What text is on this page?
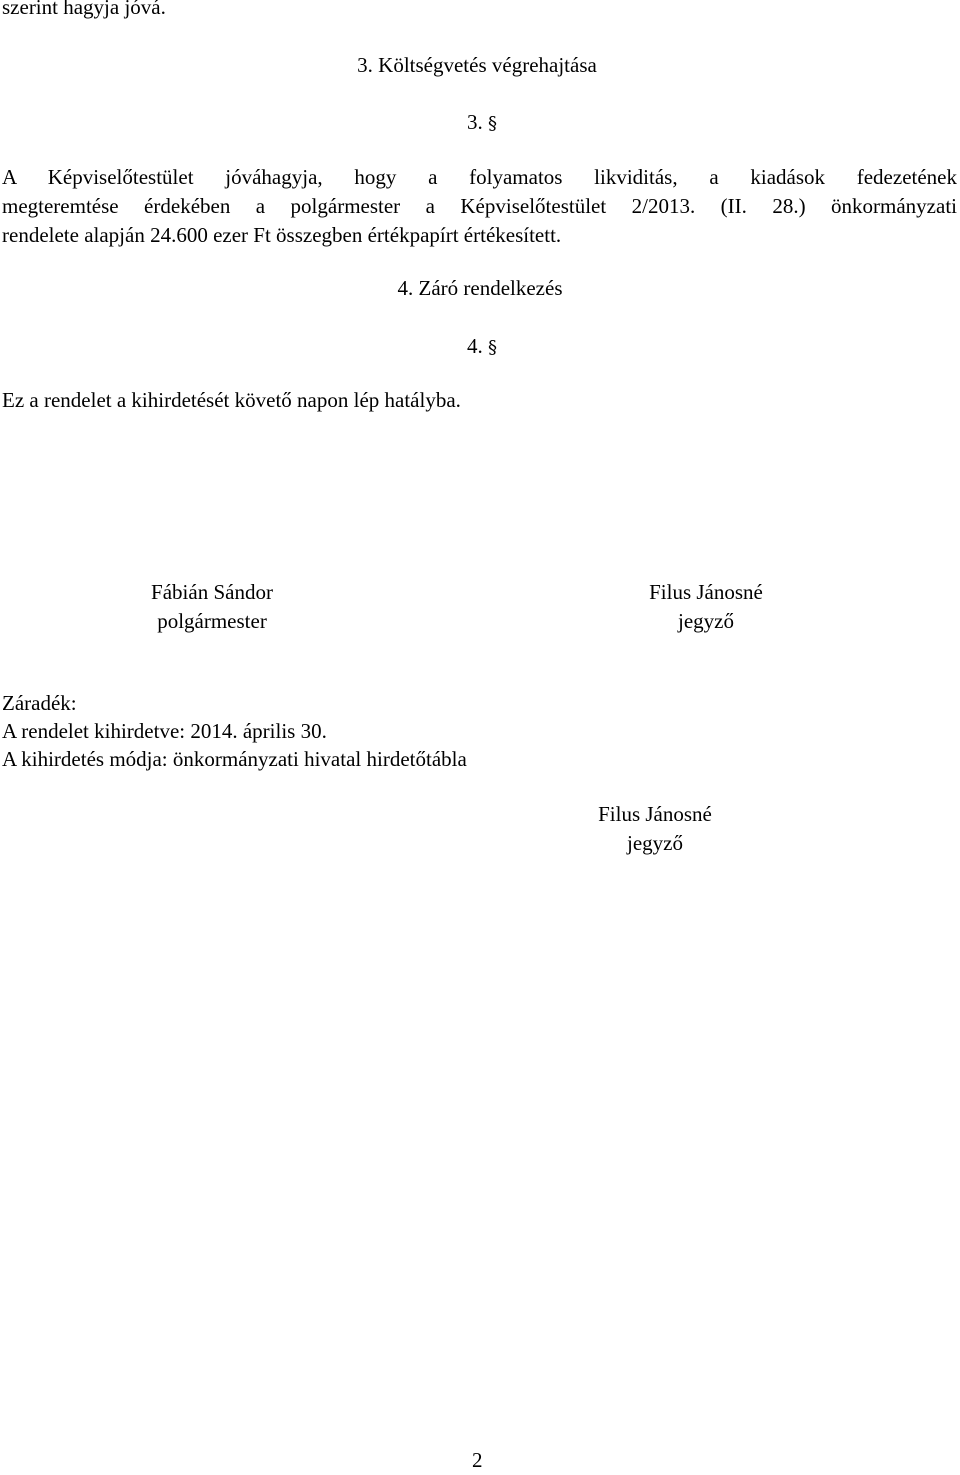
szerint hagyja jóvá.
3. Költségvetés végrehajtása
3. §
A Képviselőtestület jóváhagyja, hogy a folyamatos likviditás, a kiadások fedezetének
megteremtése érdekében a polgármester a Képviselőtestület 2/2013. (II. 28.) önkormányzati
rendelete alapján 24.600 ezer Ft összegben értékpapírt értékesített.
4. Záró rendelkezés
4. §
Ez a rendelet a kihirdetését követő napon lép hatályba.
Fábián Sándor
polgármester
Filus Jánosné
jegyző
Záradék:
A rendelet kihirdetve: 2014. április 30.
A kihirdetés módja: önkormányzati hivatal hirdetőtábla
Filus Jánosné
jegyző
2
